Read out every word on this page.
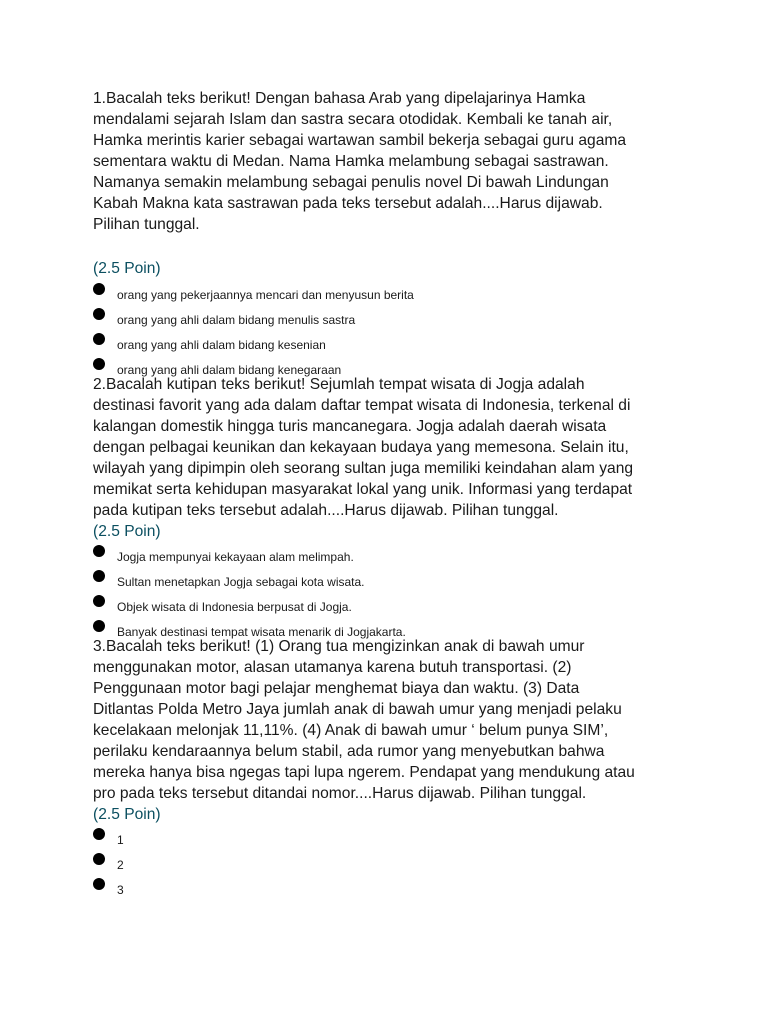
1.Bacalah teks berikut! Dengan bahasa Arab yang dipelajarinya Hamka
mendalami sejarah Islam dan sastra secara otodidak. Kembali ke tanah air,
Hamka merintis karier sebagai wartawan sambil bekerja sebagai guru agama
sementara waktu di Medan. Nama Hamka melambung sebagai sastrawan.
Namanya semakin melambung sebagai penulis novel Di bawah Lindungan
Kabah Makna kata sastrawan pada teks tersebut adalah....Harus dijawab.
Pilihan tunggal.

(2.5 Poin)

orang yang pekerjaannya mencari dan menyusun berita
orang yang ahli dalam bidang menulis sastra
orang yang ahli dalam bidang kesenian
orang yang ahli dalam bidang kenegaraan

2.Bacalah kutipan teks berikut! Sejumlah tempat wisata di Jogja adalah
destinasi favorit yang ada dalam daftar tempat wisata di Indonesia, terkenal di
kalangan domestik hingga turis mancanegara. Jogja adalah daerah wisata
dengan pelbagai keunikan dan kekayaan budaya yang memesona. Selain itu,
wilayah yang dipimpin oleh seorang sultan juga memiliki keindahan alam yang
memikat serta kehidupan masyarakat lokal yang unik. Informasi yang terdapat
pada kutipan teks tersebut adalah....Harus dijawab. Pilihan tunggal.

(2.5 Poin)

Jogja mempunyai kekayaan alam melimpah.
Sultan menetapkan Jogja sebagai kota wisata.
Objek wisata di Indonesia berpusat di Jogja.
Banyak destinasi tempat wisata menarik di Jogjakarta.

3.Bacalah teks berikut! (1) Orang tua mengizinkan anak di bawah umur
menggunakan motor, alasan utamanya karena butuh transportasi. (2)
Penggunaan motor bagi pelajar menghemat biaya dan waktu. (3) Data
Ditlantas Polda Metro Jaya jumlah anak di bawah umur yang menjadi pelaku
kecelakaan melonjak 11,11%. (4) Anak di bawah umur ‘ belum punya SIM’,
perilaku kendaraannya belum stabil, ada rumor yang menyebutkan bahwa
mereka hanya bisa ngegas tapi lupa ngerem. Pendapat yang mendukung atau
pro pada teks tersebut ditandai nomor....Harus dijawab. Pilihan tunggal.

(2.5 Poin)

1
2
3
